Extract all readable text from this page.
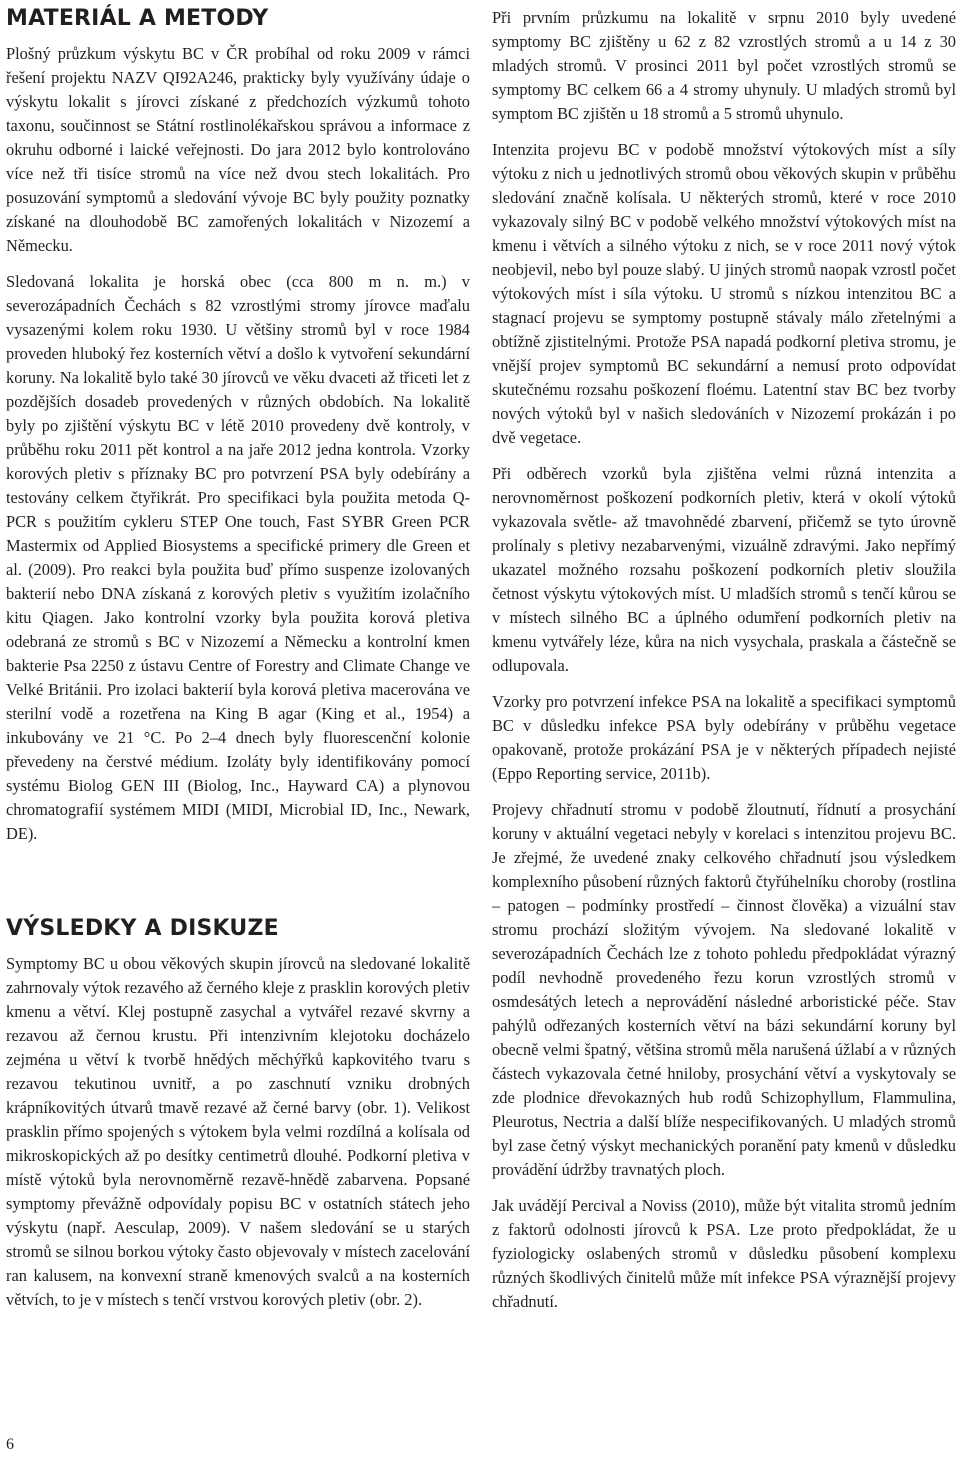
MATERIÁL A METODY

Plošný průzkum výskytu BC v ČR probíhal od roku 2009 v rámci řešení projektu NAZV QI92A246, prakticky byly využívány údaje o výskytu lokalit s jírovci získané z předchozích výzkumů tohoto taxonu, součinnost se Státní rostlinolékařskou správou a informace z okruhu odborné i laické veřejnosti. Do jara 2012 bylo kontrolováno více než tři tisíce stromů na více než dvou stech lokalitách. Pro posuzování symptomů a sledování vývoje BC byly použity poznatky získané na dlouhodobě BC zamořených lokalitách v Nizozemí a Německu.

Sledovaná lokalita je horská obec (cca 800 m n. m.) v severozápadních Čechách s 82 vzrostlými stromy jírovce maďalu vysazenými kolem roku 1930. U většiny stromů byl v roce 1984 proveden hluboký řez kosterních větví a došlo k vytvoření sekundární koruny. Na lokalitě bylo také 30 jírovců ve věku dvaceti až třiceti let z pozdějších dosadeb provedených v různých obdobích. Na lokalitě byly po zjištění výskytu BC v létě 2010 provedeny dvě kontroly, v průběhu roku 2011 pět kontrol a na jaře 2012 jedna kontrola. Vzorky korových pletiv s příznaky BC pro potvrzení PSA byly odebírány a testovány celkem čtyřikrát. Pro specifikaci byla použita metoda Q-PCR s použitím cykleru STEP One touch, Fast SYBR Green PCR Mastermix od Applied Biosystems a specifické primery dle Green et al. (2009). Pro reakci byla použita buď přímo suspenze izolovaných bakterií nebo DNA získaná z korových pletiv s využitím izolačního kitu Qiagen. Jako kontrolní vzorky byla použita korová pletiva odebraná ze stromů s BC v Nizozemí a Německu a kontrolní kmen bakterie Psa 2250 z ústavu Centre of Forestry and Climate Change ve Velké Británii. Pro izolaci bakterií byla korová pletiva macerována ve sterilní vodě a rozetřena na King B agar (King et al., 1954) a inkubovány ve 21 °C. Po 2–4 dnech byly fluorescenční kolonie převedeny na čerstvé médium. Izoláty byly identifikovány pomocí systému Biolog GEN III (Biolog, Inc., Hayward CA) a plynovou chromatografií systémem MIDI (MIDI, Microbial ID, Inc., Newark, DE).

VÝSLEDKY A DISKUZE

Symptomy BC u obou věkových skupin jírovců na sledované lokalitě zahrnovaly výtok rezavého až černého kleje z prasklin korových pletiv kmenu a větví. Klej postupně zasychal a vytvářel rezavé skvrny a rezavou až černou krustu. Při intenzivním klejotoku docházelo zejména u větví k tvorbě hnědých měchýřků kapkovitého tvaru s rezavou tekutinou uvnitř, a po zaschnutí vzniku drobných krápníkovitých útvarů tmavě rezavé až černé barvy (obr. 1). Velikost prasklin přímo spojených s výtokem byla velmi rozdílná a kolísala od mikroskopických až po desítky centimetrů dlouhé. Podkorní pletiva v místě výtoků byla nerovnoměrně rezavě-hnědě zabarvena. Popsané symptomy převážně odpovídaly popisu BC v ostatních státech jeho výskytu (např. Aesculap, 2009). V našem sledování se u starých stromů se silnou borkou výtoky často objevovaly v místech zacelování ran kalusem, na konvexní straně kmenových svalců a na kosterních větvích, to je v místech s tenčí vrstvou korových pletiv (obr. 2).

Při prvním průzkumu na lokalitě v srpnu 2010 byly uvedené symptomy BC zjištěny u 62 z 82 vzrostlých stromů a u 14 z 30 mladých stromů. V prosinci 2011 byl počet vzrostlých stromů se symptomy BC celkem 66 a 4 stromy uhynuly. U mladých stromů byl symptom BC zjištěn u 18 stromů a 5 stromů uhynulo.

Intenzita projevu BC v podobě množství výtokových míst a síly výtoku z nich u jednotlivých stromů obou věkových skupin v průběhu sledování značně kolísala. U některých stromů, které v roce 2010 vykazovaly silný BC v podobě velkého množství výtokových míst na kmenu i větvích a silného výtoku z nich, se v roce 2011 nový výtok neobjevil, nebo byl pouze slabý. U jiných stromů naopak vzrostl počet výtokových míst i síla výtoku. U stromů s nízkou intenzitou BC a stagnací projevu se symptomy postupně stávaly málo zřetelnými a obtížně zjistitelnými. Protože PSA napadá podkorní pletiva stromu, je vnější projev symptomů BC sekundární a nemusí proto odpovídat skutečnému rozsahu poškození floému. Latentní stav BC bez tvorby nových výtoků byl v našich sledováních v Nizozemí prokázán i po dvě vegetace.

Při odběrech vzorků byla zjištěna velmi různá intenzita a nerovnoměrnost poškození podkorních pletiv, která v okolí výtoků vykazovala světle- až tmavohnědé zbarvení, přičemž se tyto úrovně prolínaly s pletivy nezabarvenými, vizuálně zdravými. Jako nepřímý ukazatel možného rozsahu poškození podkorních pletiv sloužila četnost výskytu výtokových míst. U mladších stromů s tenčí kůrou se v místech silného BC a úplného odumření podkorních pletiv na kmenu vytvářely léze, kůra na nich vysychala, praskala a částečně se odlupovala.

Vzorky pro potvrzení infekce PSA na lokalitě a specifikaci symptomů BC v důsledku infekce PSA byly odebírány v průběhu vegetace opakovaně, protože prokázání PSA je v některých případech nejisté (Eppo Reporting service, 2011b).

Projevy chřadnutí stromu v podobě žloutnutí, řídnutí a prosychání koruny v aktuální vegetaci nebyly v korelaci s intenzitou projevu BC. Je zřejmé, že uvedené znaky celkového chřadnutí jsou výsledkem komplexního působení různých faktorů čtyřúhelníku choroby (rostlina – patogen – podmínky prostředí – činnost člověka) a vizuální stav stromu prochází složitým vývojem. Na sledované lokalitě v severozápadních Čechách lze z tohoto pohledu předpokládat výrazný podíl nevhodně provedeného řezu korun vzrostlých stromů v osmdesátých letech a neprovádění následné arboristické péče. Stav pahýlů odřezaných kosterních větví na bázi sekundární koruny byl obecně velmi špatný, většina stromů měla narušená úžlabí a v různých částech vykazovala četné hniloby, prosychání větví a vyskytovaly se zde plodnice dřevokazných hub rodů Schizophyllum, Flammulina, Pleurotus, Nectria a další blíže nespecifikovaných. U mladých stromů byl zase četný výskyt mechanických poranění paty kmenů v důsledku provádění údržby travnatých ploch.

Jak uvádějí Percival a Noviss (2010), může být vitalita stromů jedním z faktorů odolnosti jírovců k PSA. Lze proto předpokládat, že u fyziologicky oslabených stromů v důsledku působení komplexu různých škodlivých činitelů může mít infekce PSA výraznější projevy chřadnutí.

6
